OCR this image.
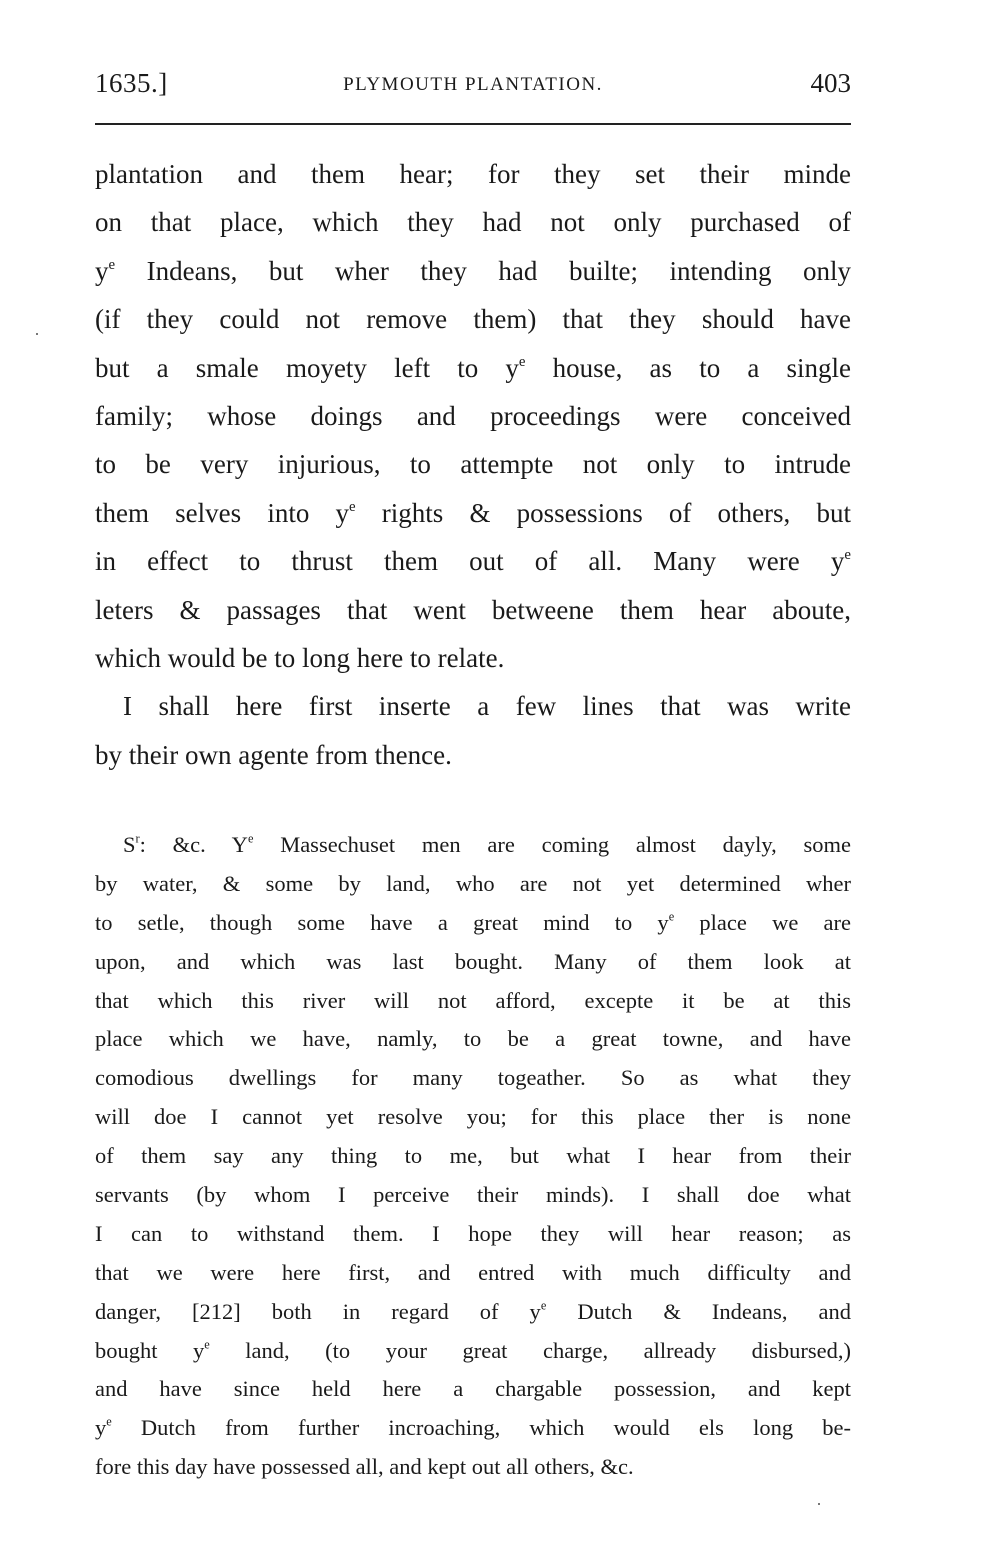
1635.]	PLYMOUTH PLANTATION.	403
plantation and them hear; for they set their minde
on that place, which they had not only purchased of
$y^e$ Indeans, but wher they had builte; intending only
(if they could not remove them) that they should have
but a smale moyety left to $y^e$ house, as to a single
family; whose doings and proceedings were conceived
to be very injurious, to attempte not only to intrude
them selves into $y^e$ rights & possessions of others, but
in effect to thrust them out of all. Many were $y^e$
leters & passages that went betweene them hear aboute,
which would be to long here to relate.
I shall here first inserte a few lines that was write
by their own agente from thence.
$S^r$: &c. $Y^e$ Massechuset men are coming almost dayly, some
by water, & some by land, who are not yet determined wher
to setle, though some have a great mind to $y^e$ place we are
upon, and which was last bought. Many of them look at
that which this river will not afford, excepte it be at this
place which we have, namly, to be a great towne, and have
comodious dwellings for many togeather. So as what they
will doe I cannot yet resolve you; for this place ther is none
of them say any thing to me, but what I hear from their
servants (by whom I perceive their minds). I shall doe what
I can to withstand them. I hope they will hear reason; as
that we were here first, and entred with much difficulty and
danger, [212] both in regard of $y^e$ Dutch & Indeans, and
bought $y^e$ land, (to your great charge, allready disbursed,)
and have since held here a chargable possession, and kept
$y^e$ Dutch from further incroaching, which would els long be-
fore this day have possessed all, and kept out all others, &c.
